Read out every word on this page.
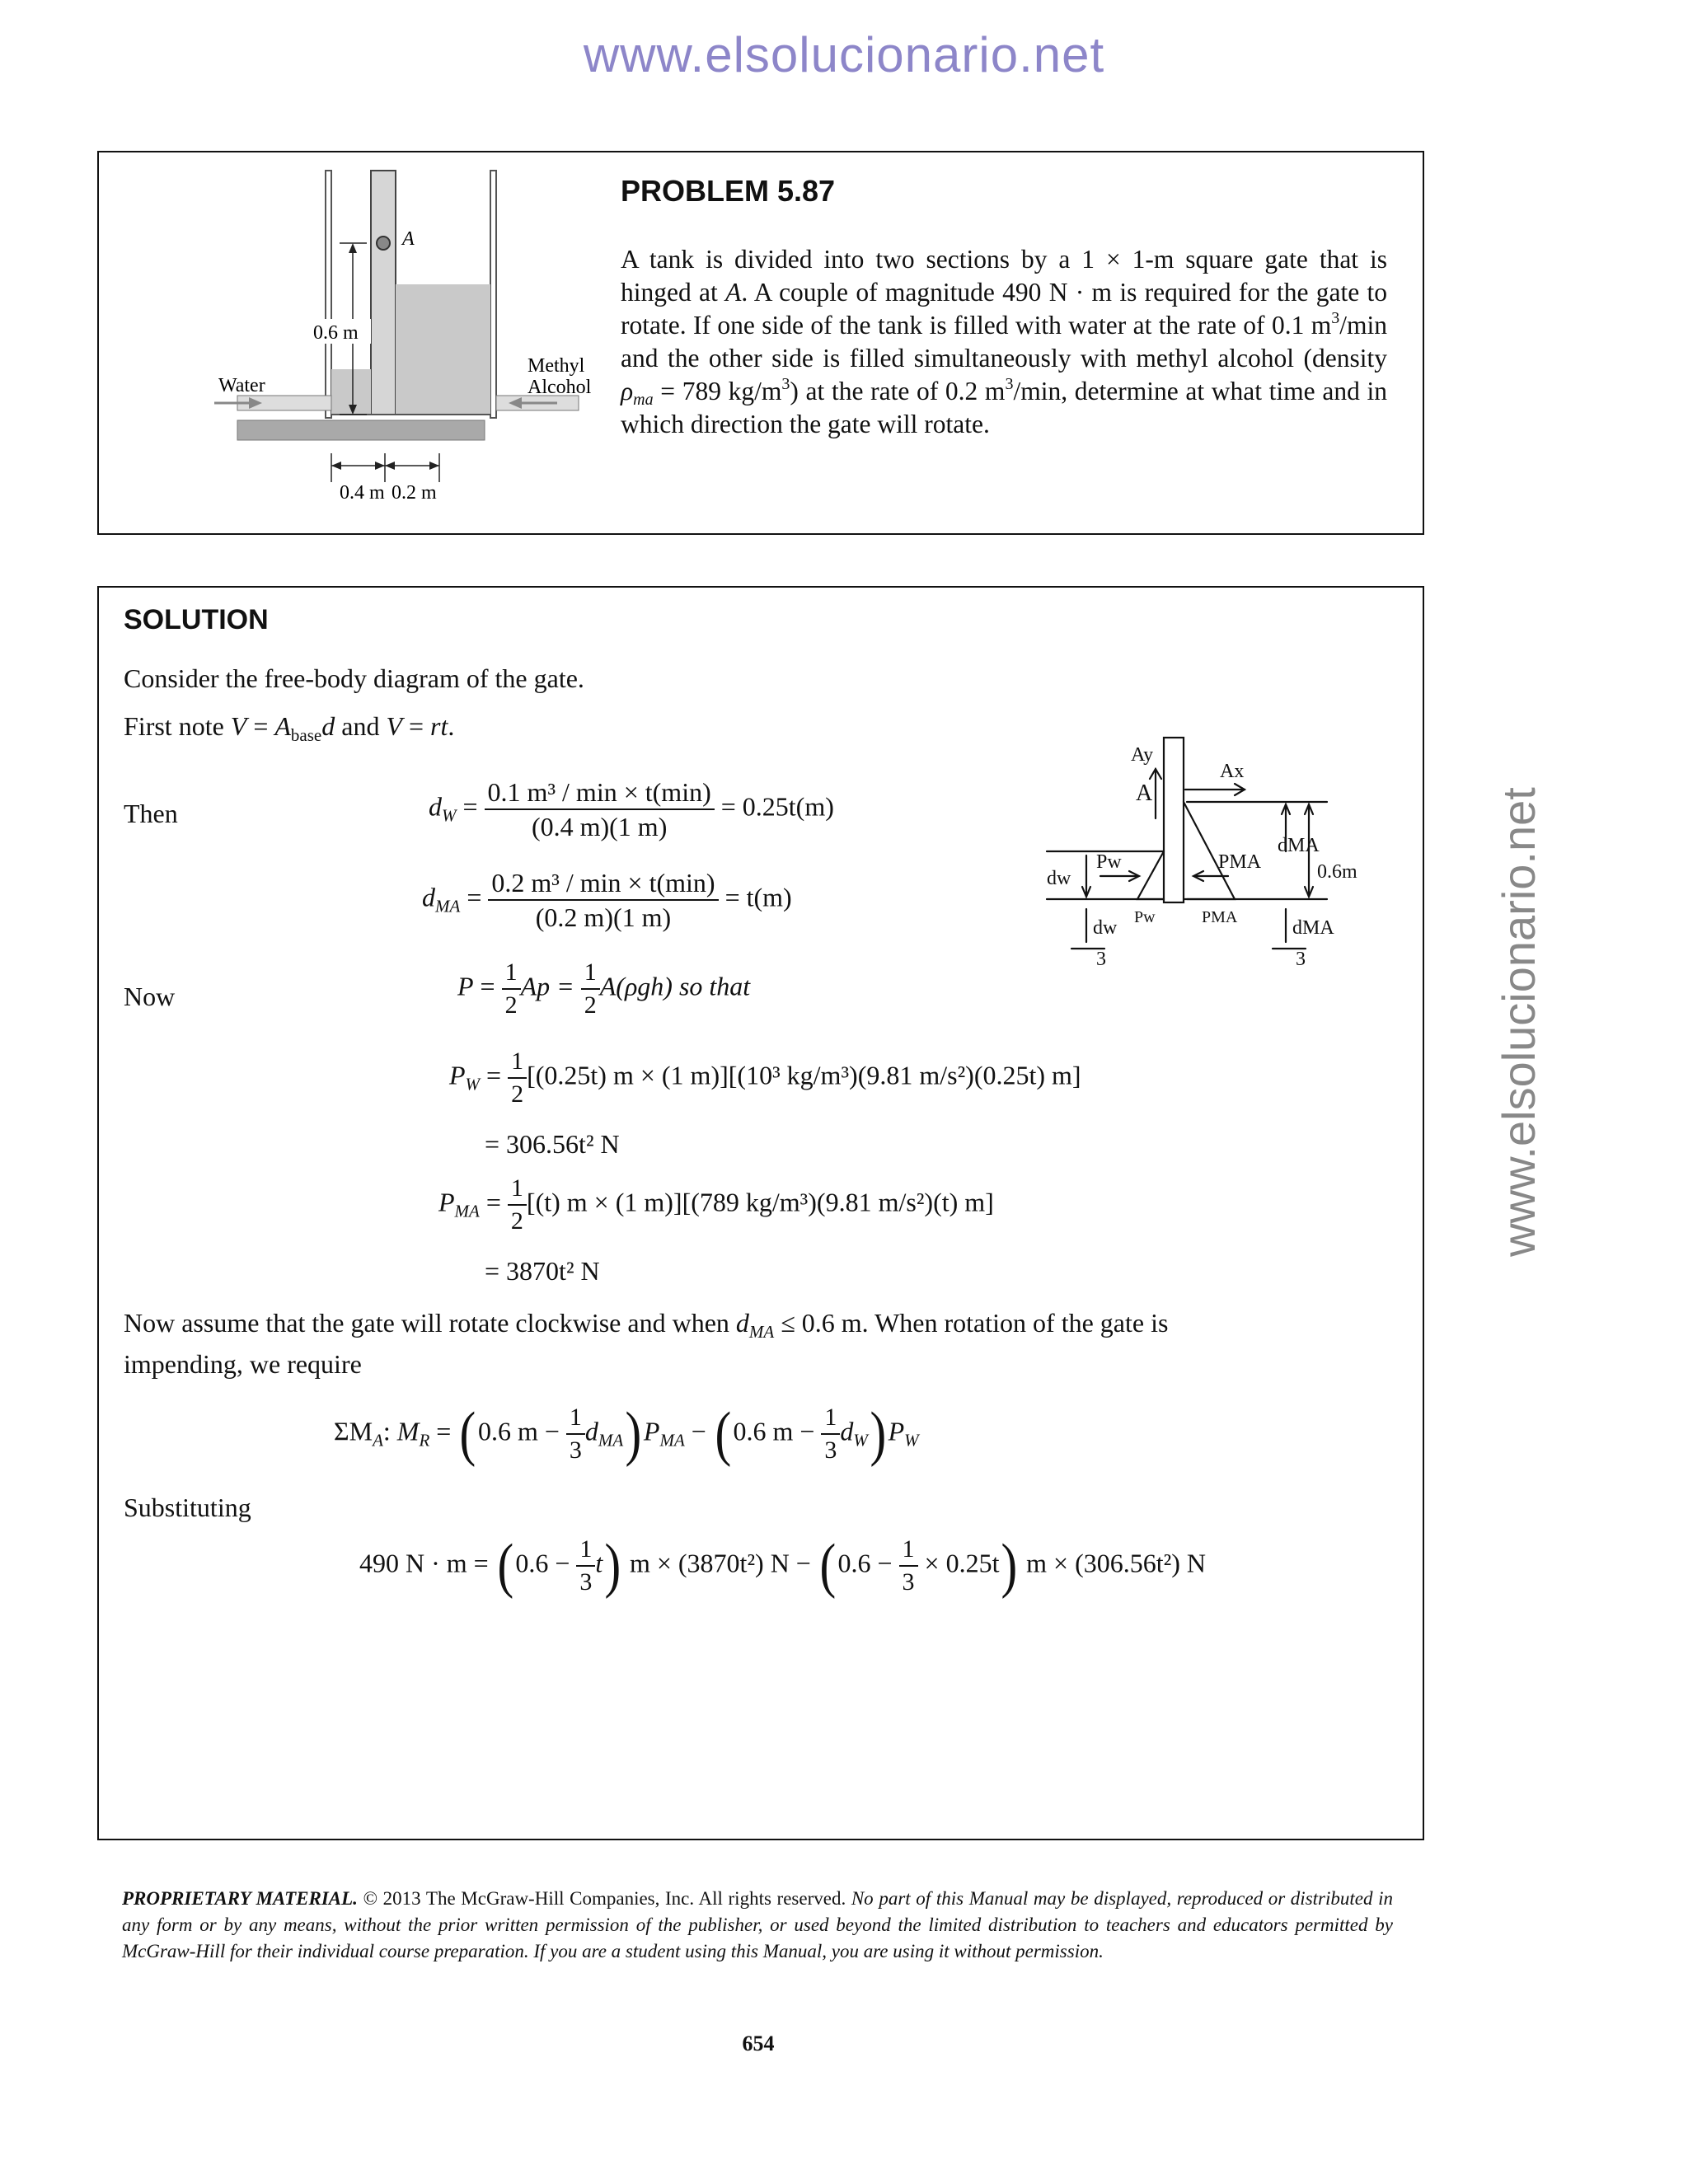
www.elsolucionario.net
www.elsolucionario.net
A
0.6 m
Water
Methyl
Alcohol
0.4 m 0.2 m
PROBLEM 5.87
A tank is divided into two sections by a 1 × 1-m square gate that is hinged at A. A couple of magnitude 490 N · m is required for the gate to rotate. If one side of the tank is filled with water at the rate of 0.1 $m^3/\min$ and the other side is filled simultaneously with methyl alcohol (density $\rho_{ma} = 789$ $kg/m^3$) at the rate of 0.2 $m^3/\min$, determine at what time and in which direction the gate will rotate.
SOLUTION
Consider the free-body diagram of the gate.
First note $V = A_{base}d$ and V = rt.
Then	$d_W = \frac{\text{0.1 m³ / min × t(min)}}{(0.4 m)(1 m)} = 0.25t(m)$
$d_{MA} = \frac{\text{0.2 m³ / min × t(min)}}{(0.2 m)(1 m)} = t(m)$
Now	$P = \frac{1}{2}$ $Ap = \frac{1}{2} A(\rho gh)$ so that
$P_W = \frac{1}{2} [(0.25t) m \times (1$ m)][(10³ kg/m³)(9.81 m/s²)(0.25t) m]
= 306.56t² N
$P_{MA} = \frac{1}{2} [(t) m \times (1$ m)][(789 kg/m³)(9.81 m/s²)(t) m]
= 3870t² N
Now assume that the gate will rotate clockwise and when $d_{MA} \le 0.6$ m. When rotation of the gate is
impending, we require
$\Sigma M_A$: $M_R = (0.6$ $m - \frac{1}{3} d_{MA})P_{MA} - (0.6$ $m - \frac{1}{3} d_W)P_W$
Substituting
490 $N \cdot m = (0.6 - \frac{1}{3} t)$ m × (3870t²) $N - (0.6 - \frac{1}{3} \times 0.25t)$ m × (306.56t²) N
Ay
Ax
A
dw
Pw	PMA
dMA
0.6m
Pw	PMA
dw	dMA
3	3
PROPRIETARY MATERIAL. © 2013 The McGraw-Hill Companies, Inc. All rights reserved. No part of this Manual may be displayed, reproduced or distributed in any form or by any means, without the prior written permission of the publisher, or used beyond the limited distribution to teachers and educators permitted by McGraw-Hill for their individual course preparation. If you are a student using this Manual, you are using it without permission.
654
